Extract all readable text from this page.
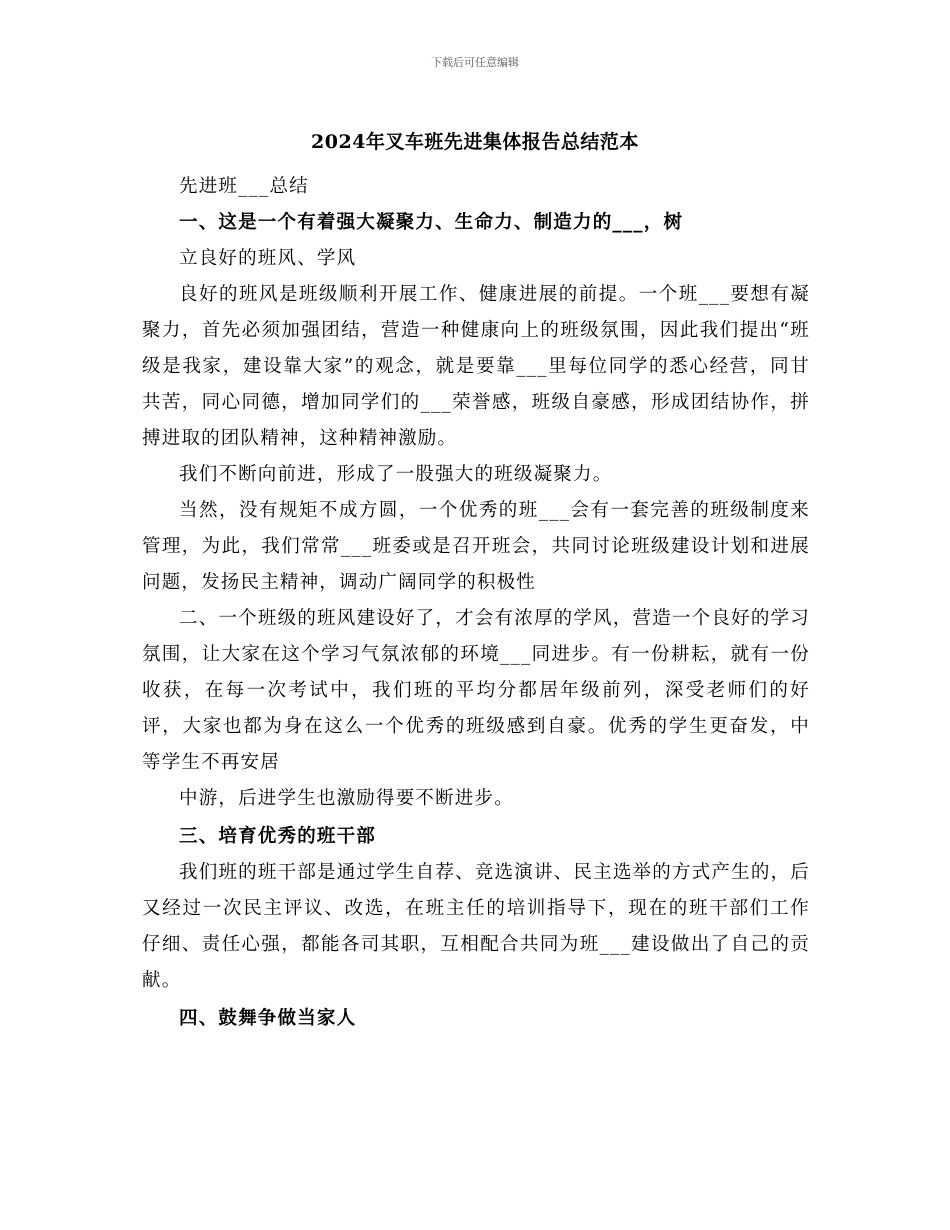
下载后可任意编辑
2024年叉车班先进集体报告总结范本

先进班___总结

一、这是一个有着强大凝聚力、生命力、制造力的___，树

立良好的班风、学风

良好的班风是班级顺利开展工作、健康进展的前提。一个班___要想有凝聚力，首先必须加强团结，营造一种健康向上的班级氛围，因此我们提出“班级是我家，建设靠大家”的观念，就是要靠___里每位同学的悉心经营，同甘共苦，同心同德，增加同学们的___荣誉感，班级自豪感，形成团结协作，拼搏进取的团队精神，这种精神激励。

我们不断向前进，形成了一股强大的班级凝聚力。

当然，没有规矩不成方圆，一个优秀的班___会有一套完善的班级制度来管理，为此，我们常常___班委或是召开班会，共同讨论班级建设计划和进展问题，发扬民主精神，调动广阔同学的积极性

二、一个班级的班风建设好了，才会有浓厚的学风，营造一个良好的学习氛围，让大家在这个学习气氛浓郁的环境___同进步。有一份耕耘，就有一份收获，在每一次考试中，我们班的平均分都居年级前列，深受老师们的好评，大家也都为身在这么一个优秀的班级感到自豪。优秀的学生更奋发，中等学生不再安居

中游，后进学生也激励得要不断进步。

三、培育优秀的班干部

我们班的班干部是通过学生自荐、竞选演讲、民主选举的方式产生的，后又经过一次民主评议、改选，在班主任的培训指导下，现在的班干部们工作仔细、责任心强，都能各司其职，互相配合共同为班___建设做出了自己的贡献。

四、鼓舞争做当家人
